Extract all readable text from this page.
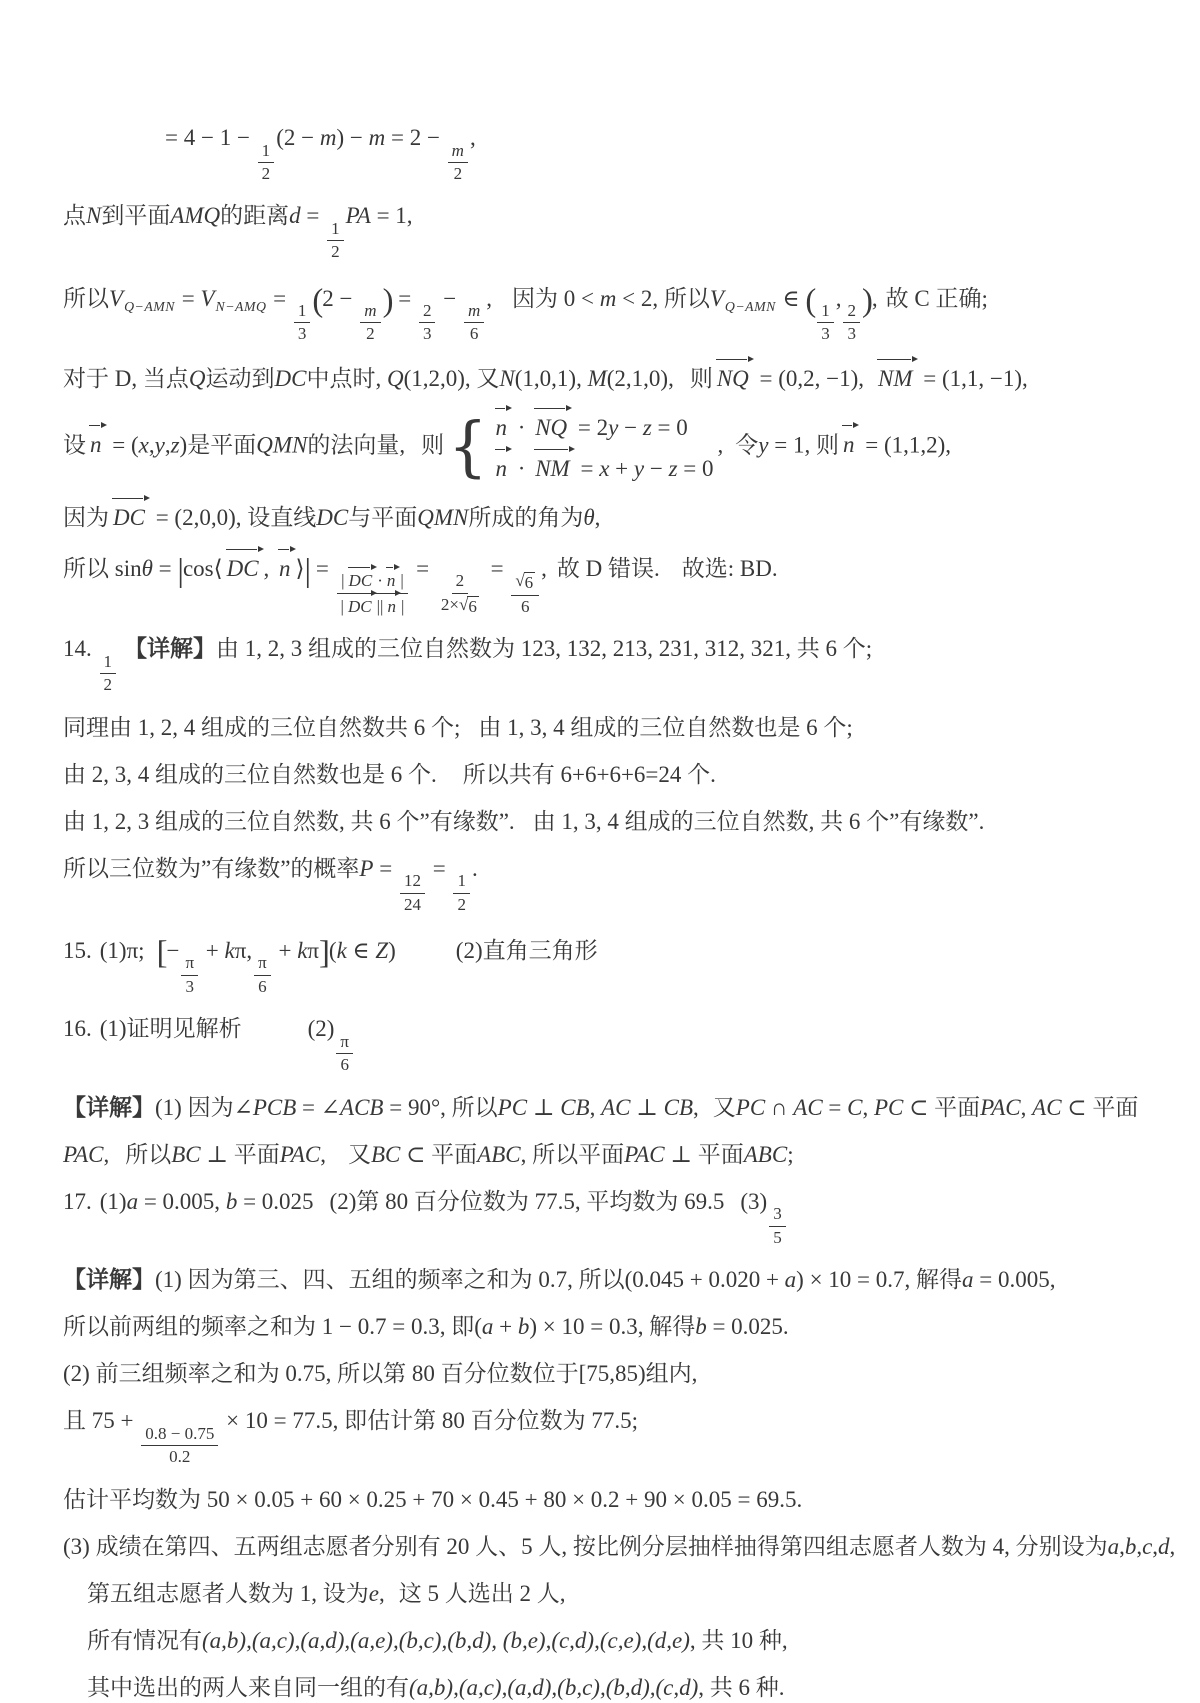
= 4 − 1 −
$\frac{1}{2}$
(2 − m) − m = 2 −
$\frac{m}{2}$
,
点N到平面AMQ的距离d =
$\frac{1}{2}$
PA = 1,
所以$V_{Q-AMN} = V_{N-AMQ}$ =
$\frac{1}{3}$
(2 −
$\frac{m}{2}$
) =
$\frac{2}{3}$
−
$\frac{m}{6}$
, 因为 0 < m < 2, 所以$V_{Q-AMN}$ ∈ (
$\frac{1}{3}$
,
$\frac{2}{3}$
), 故 C 正确;
对于 D, 当点Q运动到DC中点时, Q(1,2,0), 又N(1,0,1), M(2,1,0), 则 NQ = (0,2, −1), NM = (1,1, −1),
设 n = (x,y,z)是平面QMN的法向量, 则 { n · NQ = 2y − z = 0
n · NM = x + y − z = 0
, 令y = 1, 则 n = (1,1,2),
因为 DC = (2,0,0), 设直线DC与平面QMN所成的角为θ,
所以 sinθ = |cos⟨ DC , n ⟩| =
$\frac{| DC \cdot n |}{| DC || n |}$
=
$\frac{2}{2\times √ 6}$
=
$\frac{√ 6}{6}$
, 故 D 错误. 故选: BD.
14.
$\frac{1}{2}$
【详解】由 1, 2, 3 组成的三位自然数为 123, 132, 213, 231, 312, 321, 共 6 个;
同理由 1, 2, 4 组成的三位自然数共 6 个; 由 1, 3, 4 组成的三位自然数也是 6 个;
由 2, 3, 4 组成的三位自然数也是 6 个. 所以共有 6+6+6+6=24 个.
由 1, 2, 3 组成的三位自然数, 共 6 个”有缘数”. 由 1, 3, 4 组成的三位自然数, 共 6 个”有缘数”.
所以三位数为”有缘数”的概率P =
$\frac{12}{24}$
=
$\frac{1}{2}$
.
15. (1)π; [−
$\frac{\pi}{3}$
+ kπ,
$\frac{\pi}{6}$
+ kπ](k ∈ Z)	(2)直角三角形
16. (1)证明见解析	(2)
$\frac{\pi}{6}$
【详解】(1) 因为∠PCB = ∠ACB = 90°, 所以PC ⊥ CB, AC ⊥ CB, 又PC ∩ AC = C, PC ⊂ 平面PAC, AC ⊂ 平面
PAC, 所以BC ⊥ 平面PAC, 又BC ⊂ 平面ABC, 所以平面PAC ⊥ 平面ABC;
17. (1)a = 0.005, b = 0.025 (2)第 80 百分位数为 77.5, 平均数为 69.5 (3)
$\frac{3}{5}$
【详解】(1) 因为第三、四、五组的频率之和为 0.7, 所以(0.045 + 0.020 + a) × 10 = 0.7, 解得a = 0.005,
所以前两组的频率之和为 1 − 0.7 = 0.3, 即(a + b) × 10 = 0.3, 解得b = 0.025.
(2) 前三组频率之和为 0.75, 所以第 80 百分位数位于[75,85)组内,
且 75 +
$\frac{0.8 - 0.75}{0.2}$
× 10 = 77.5, 即估计第 80 百分位数为 77.5;
估计平均数为 50 × 0.05 + 60 × 0.25 + 70 × 0.45 + 80 × 0.2 + 90 × 0.05 = 69.5.
(3) 成绩在第四、五两组志愿者分别有 20 人、5 人, 按比例分层抽样抽得第四组志愿者人数为 4, 分别设为a,b,c,d,
第五组志愿者人数为 1, 设为e, 这 5 人选出 2 人,
所有情况有(a,b),(a,c),(a,d),(a,e),(b,c),(b,d), (b,e),(c,d),(c,e),(d,e), 共 10 种,
其中选出的两人来自同一组的有(a,b),(a,c),(a,d),(b,c),(b,d),(c,d), 共 6 种.
